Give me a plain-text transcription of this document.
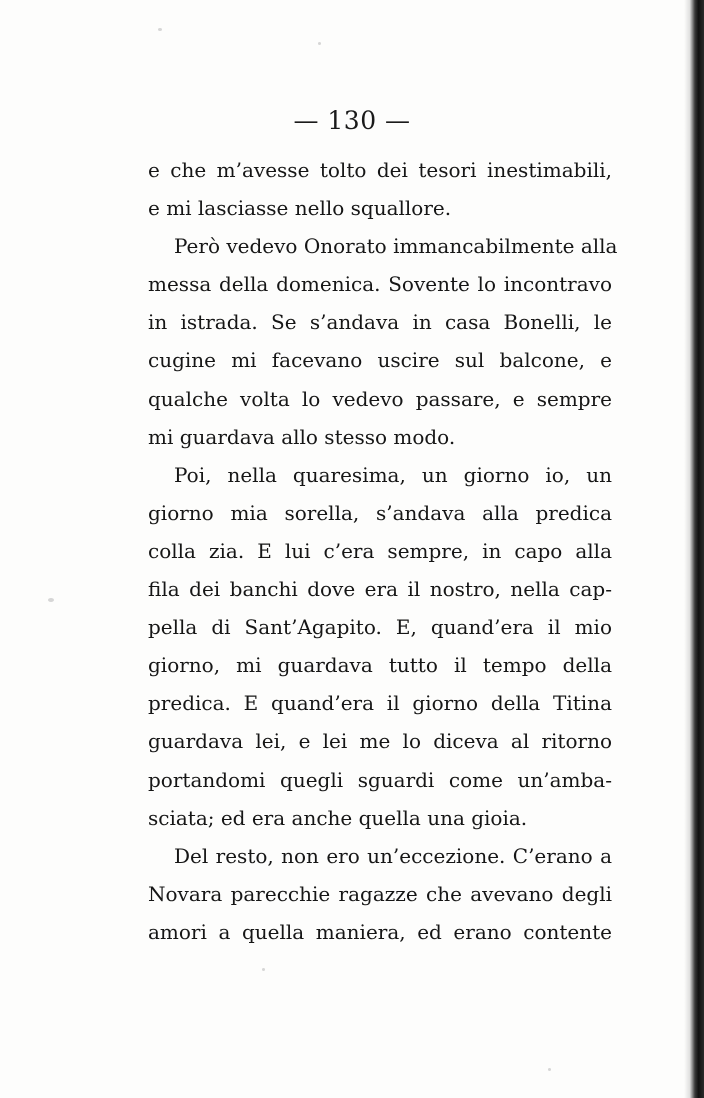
— 130 —
e che m’avesse tolto dei tesori inestimabili,
e mi lasciasse nello squallore.
Però vedevo Onorato immancabilmente alla
messa della domenica. Sovente lo incontravo
in istrada. Se s’andava in casa Bonelli, le
cugine mi facevano uscire sul balcone, e
qualche volta lo vedevo passare, e sempre
mi guardava allo stesso modo.
Poi, nella quaresima, un giorno io, un
giorno mia sorella, s’andava alla predica
colla zia. E lui c’era sempre, in capo alla
fila dei banchi dove era il nostro, nella cap-
pella di Sant’Agapito. E, quand’era il mio
giorno, mi guardava tutto il tempo della
predica. E quand’era il giorno della Titina
guardava lei, e lei me lo diceva al ritorno
portandomi quegli sguardi come un’amba-
sciata; ed era anche quella una gioia.
Del resto, non ero un’eccezione. C’erano a
Novara parecchie ragazze che avevano degli
amori a quella maniera, ed erano contente
